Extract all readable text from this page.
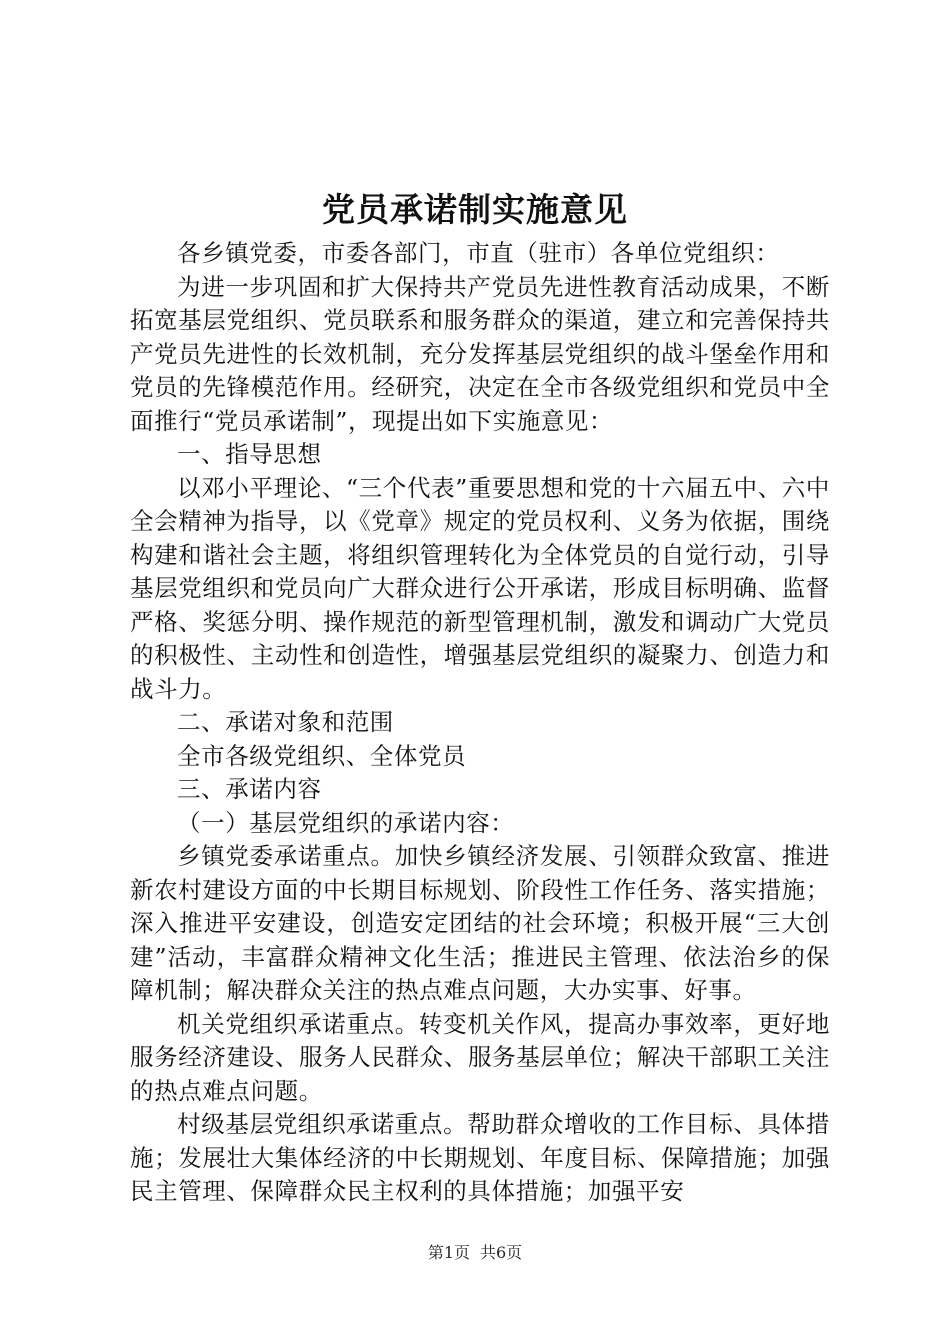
党员承诺制实施意见

各乡镇党委，市委各部门，市直（驻市）各单位党组织：

为进一步巩固和扩大保持共产党员先进性教育活动成果，不断拓宽基层党组织、党员联系和服务群众的渠道，建立和完善保持共产党员先进性的长效机制，充分发挥基层党组织的战斗堡垒作用和党员的先锋模范作用。经研究，决定在全市各级党组织和党员中全面推行“党员承诺制”，现提出如下实施意见：

一、指导思想

以邓小平理论、“三个代表”重要思想和党的十六届五中、六中全会精神为指导，以《党章》规定的党员权利、义务为依据，围绕构建和谐社会主题，将组织管理转化为全体党员的自觉行动，引导基层党组织和党员向广大群众进行公开承诺，形成目标明确、监督严格、奖惩分明、操作规范的新型管理机制，激发和调动广大党员的积极性、主动性和创造性，增强基层党组织的凝聚力、创造力和战斗力。

二、承诺对象和范围

全市各级党组织、全体党员

三、承诺内容

（一）基层党组织的承诺内容：

乡镇党委承诺重点。加快乡镇经济发展、引领群众致富、推进新农村建设方面的中长期目标规划、阶段性工作任务、落实措施；深入推进平安建设，创造安定团结的社会环境；积极开展“三大创建”活动，丰富群众精神文化生活；推进民主管理、依法治乡的保障机制；解决群众关注的热点难点问题，大办实事、好事。

机关党组织承诺重点。转变机关作风，提高办事效率，更好地服务经济建设、服务人民群众、服务基层单位；解决干部职工关注的热点难点问题。

村级基层党组织承诺重点。帮助群众增收的工作目标、具体措施；发展壮大集体经济的中长期规划、年度目标、保障措施；加强民主管理、保障群众民主权利的具体措施；加强平安

第1页 共6页
